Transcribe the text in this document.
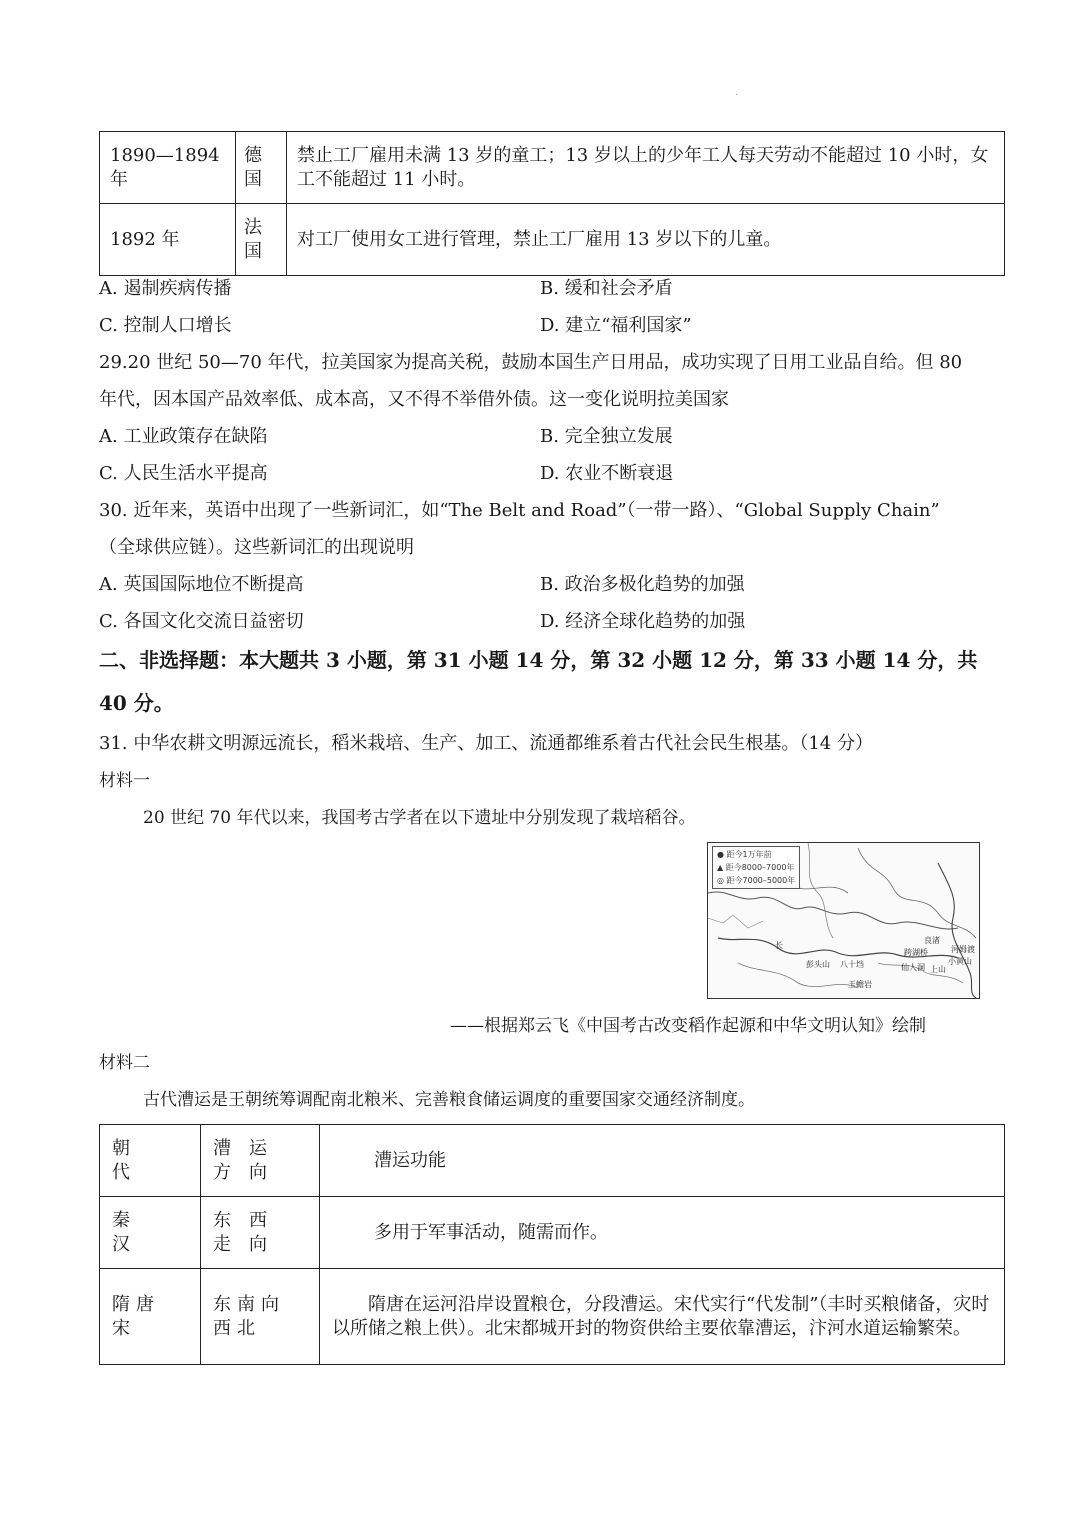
·
1890—1894年	德国	禁止工厂雇用未满 13 岁的童工；13 岁以上的少年工人每天劳动不能超过 10 小时，女工不能超过 11 小时。
1892 年	法国	对工厂使用女工进行管理，禁止工厂雇用 13 岁以下的儿童。
A. 遏制疾病传播	B. 缓和社会矛盾
C. 控制人口增长	D. 建立“福利国家”
29.20 世纪 50—70 年代，拉美国家为提高关税，鼓励本国生产日用品，成功实现了日用工业品自给。但 80
年代，因本国产品效率低、成本高，又不得不举借外债。这一变化说明拉美国家
A. 工业政策存在缺陷	B. 完全独立发展
C. 人民生活水平提高	D. 农业不断衰退
30. 近年来，英语中出现了一些新词汇，如“The Belt and Road”（一带一路）、“Global Supply Chain”
（全球供应链）。这些新词汇的出现说明
A. 英国国际地位不断提高	B. 政治多极化趋势的加强
C. 各国文化交流日益密切	D. 经济全球化趋势的加强
二、非选择题：本大题共 3 小题，第 31 小题 14 分，第 32 小题 12 分，第 33 小题 14 分，共
40 分。
31. 中华农耕文明源远流长，稻米栽培、生产、加工、流通都维系着古代社会民生根基。（14 分）
材料一
20 世纪 70 年代以来，我国考古学者在以下遗址中分别发现了栽培稻谷。
● 距今1万年前
▲ 距今8000–7000年
◎ 距今7000–5000年
长
彭头山 八十垱	仙人洞
玉蟾岩
跨湖桥
上山
小黄山
河姆渡
良渚
——根据郑云飞《中国考古改变稻作起源和中华文明认知》绘制
材料二
古代漕运是王朝统筹调配南北粮米、完善粮食储运调度的重要国家交通经济制度。
朝代	漕运方向	漕运功能

秦汉	东西走向	多用于军事活动，随需而作。

隋唐宋	东南向西北	隋唐在运河沿岸设置粮仓，分段漕运。宋代实行“代发制”（丰时买粮储备，灾时以所储之粮上供）。北宋都城开封的物资供给主要依靠漕运，汴河水道运输繁荣。
